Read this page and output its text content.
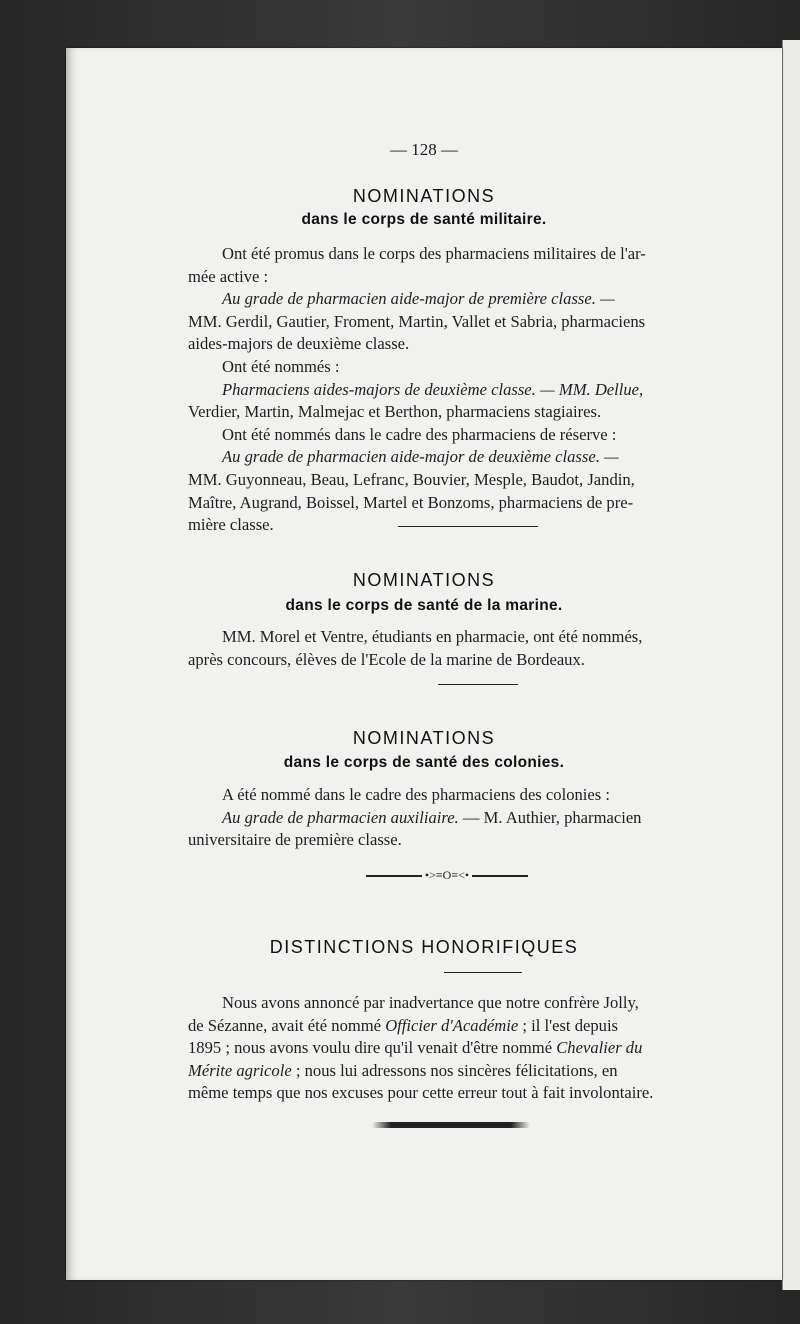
— 128 —
NOMINATIONS
dans le corps de santé militaire.

Ont été promus dans le corps des pharmaciens militaires de l'ar-

mée active :

Au grade de pharmacien aide-major de première classe. —

MM. Gerdil, Gautier, Froment, Martin, Vallet et Sabria, pharmaciens

aides-majors de deuxième classe.

Ont été nommés :

Pharmaciens aides-majors de deuxième classe. — MM. Dellue,

Verdier, Martin, Malmejac et Berthon, pharmaciens stagiaires.

Ont été nommés dans le cadre des pharmaciens de réserve :

Au grade de pharmacien aide-major de deuxième classe. —

MM. Guyonneau, Beau, Lefranc, Bouvier, Mesple, Baudot, Jandin,

Maître, Augrand, Boissel, Martel et Bonzoms, pharmaciens de pre-

mière classe.

NOMINATIONS
dans le corps de santé de la marine.

MM. Morel et Ventre, étudiants en pharmacie, ont été nommés,

après concours, élèves de l'Ecole de la marine de Bordeaux.

NOMINATIONS
dans le corps de santé des colonies.

A été nommé dans le cadre des pharmaciens des colonies :

Au grade de pharmacien auxiliaire. — M. Authier, pharmacien

universitaire de première classe.

•>≡O≡<•
DISTINCTIONS HONORIFIQUES

Nous avons annoncé par inadvertance que notre confrère Jolly,

de Sézanne, avait été nommé Officier d'Académie ; il l'est depuis

1895 ; nous avons voulu dire qu'il venait d'être nommé Chevalier du

Mérite agricole ; nous lui adressons nos sincères félicitations, en

même temps que nos excuses pour cette erreur tout à fait involontaire.
